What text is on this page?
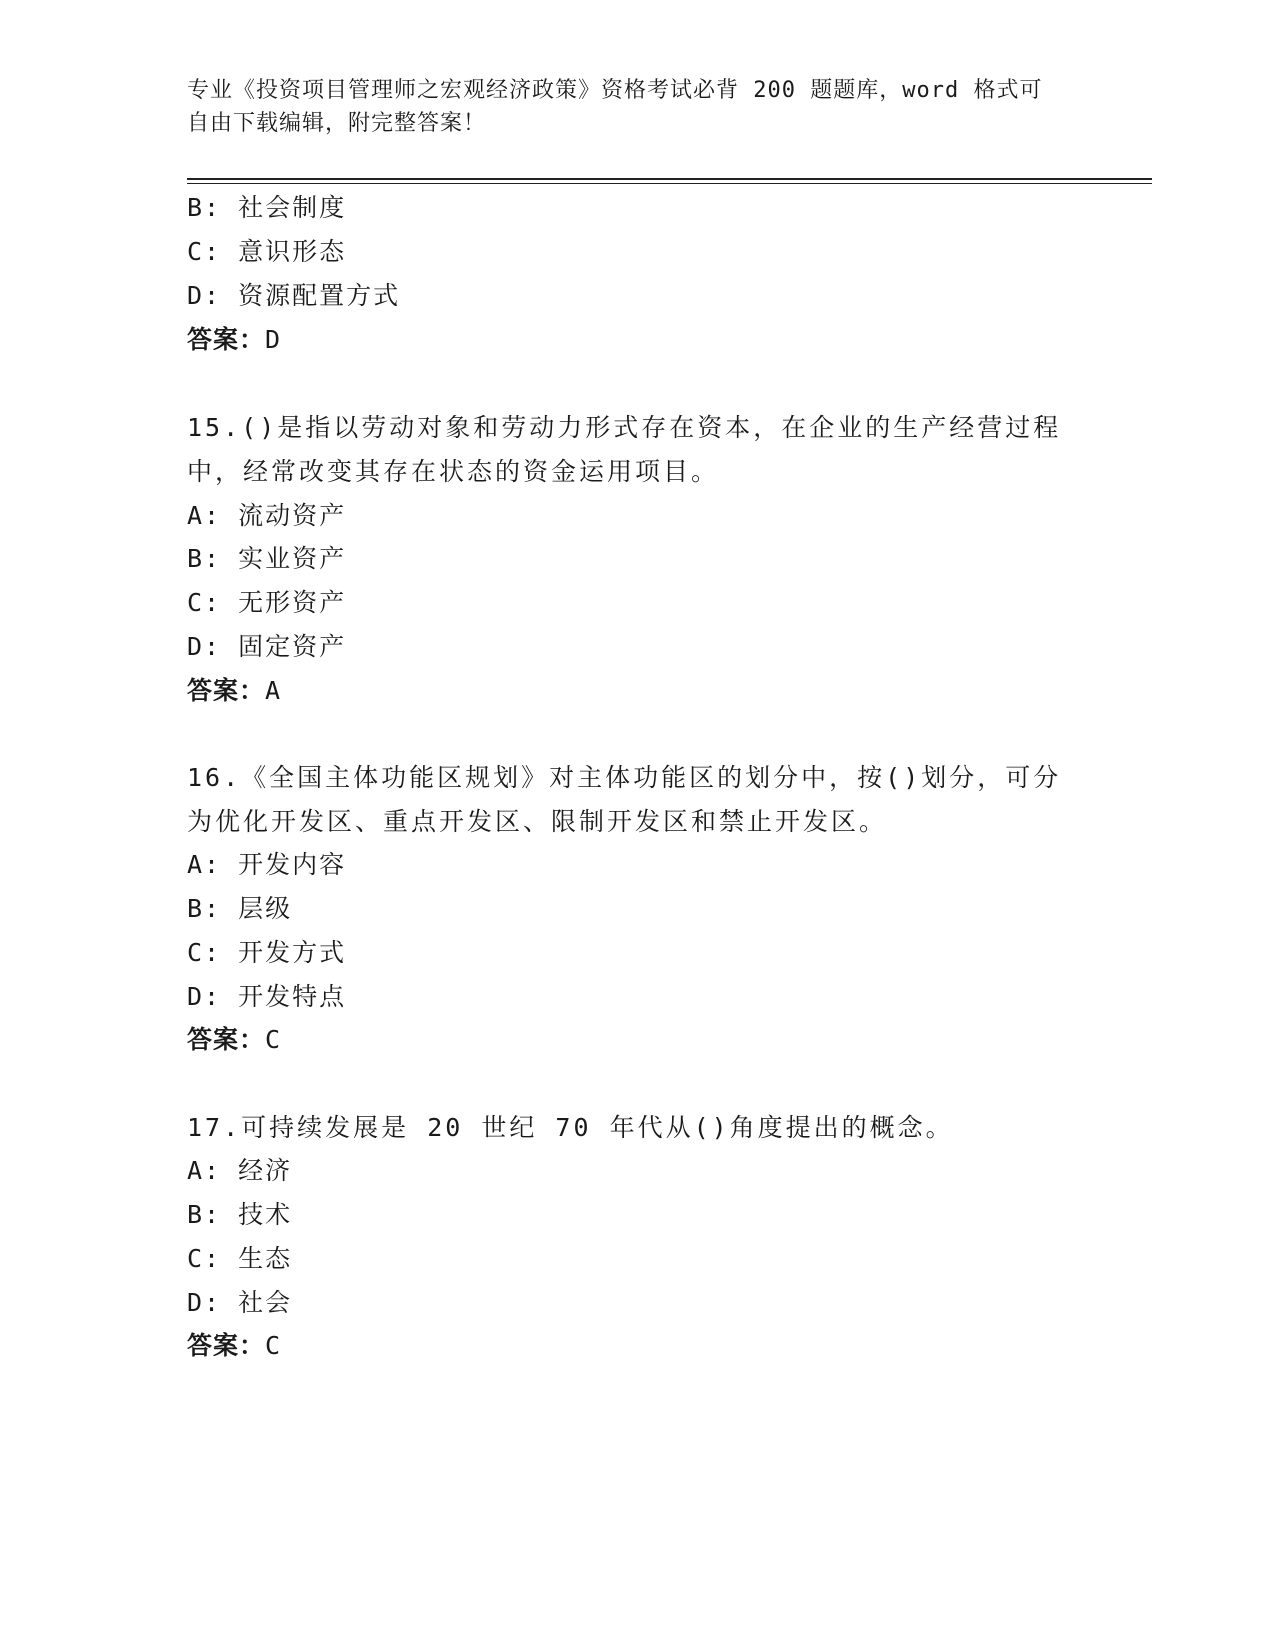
专业《投资项目管理师之宏观经济政策》资格考试必背 200 题题库，word 格式可
自由下载编辑，附完整答案！
B: 社会制度
C: 意识形态
D: 资源配置方式
答案：D
15.()是指以劳动对象和劳动力形式存在资本，在企业的生产经营过程
中，经常改变其存在状态的资金运用项目。
A: 流动资产
B: 实业资产
C: 无形资产
D: 固定资产
答案：A
16.《全国主体功能区规划》对主体功能区的划分中，按()划分，可分
为优化开发区、重点开发区、限制开发区和禁止开发区。
A: 开发内容
B: 层级
C: 开发方式
D: 开发特点
答案：C
17.可持续发展是 20 世纪 70 年代从()角度提出的概念。
A: 经济
B: 技术
C: 生态
D: 社会
答案：C
